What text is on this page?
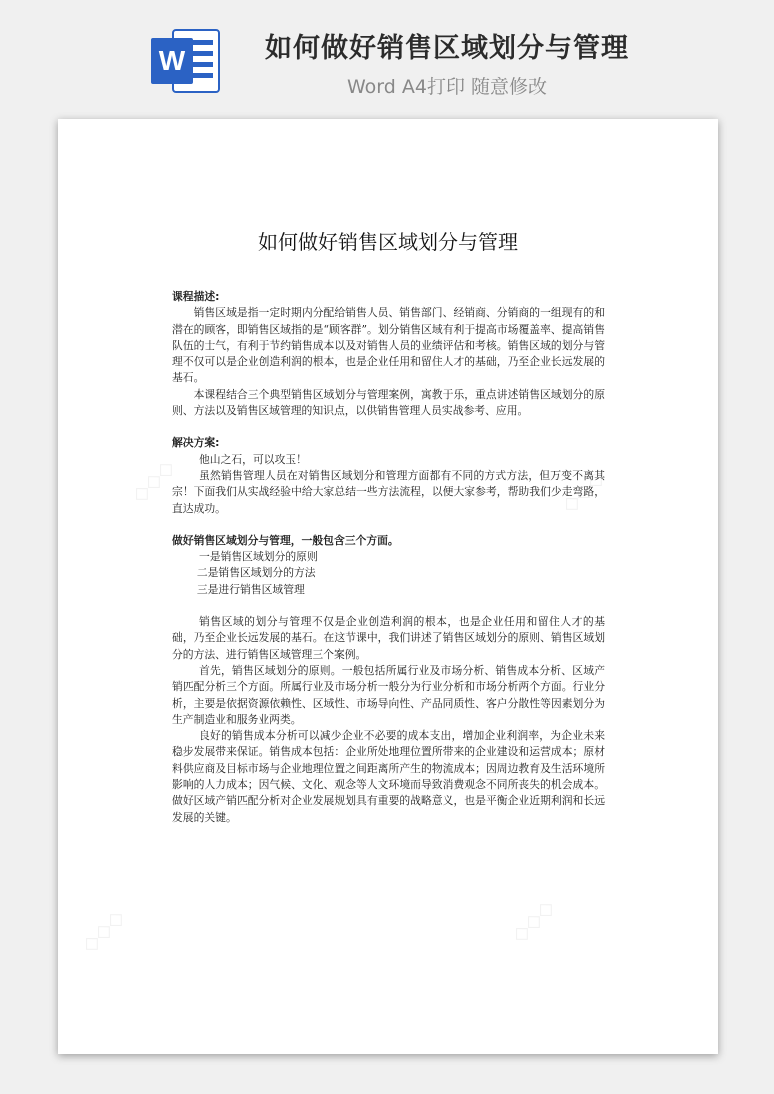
W	如何做好销售区域划分与管理
Word A4打印 随意修改
◇◇◇	◇◇◇
◇◇◇	◇◇◇
如何做好销售区域划分与管理
课程描述:

销售区域是指一定时期内分配给销售人员、销售部门、经销商、分销商的一组现有的和潜在的顾客，即销售区域指的是“顾客群”。划分销售区域有利于提高市场覆盖率、提高销售队伍的士气，有利于节约销售成本以及对销售人员的业绩评估和考核。销售区域的划分与管理不仅可以是企业创造利润的根本，也是企业任用和留住人才的基础，乃至企业长远发展的基石。

本课程结合三个典型销售区域划分与管理案例，寓教于乐，重点讲述销售区域划分的原则、方法以及销售区域管理的知识点，以供销售管理人员实战参考、应用。

解决方案:

他山之石，可以攻玉！

虽然销售管理人员在对销售区域划分和管理方面都有不同的方式方法，但万变不离其宗！下面我们从实战经验中给大家总结一些方法流程，以便大家参考，帮助我们少走弯路，直达成功。

做好销售区域划分与管理，一般包含三个方面。

一是销售区域划分的原则

二是销售区域划分的方法

三是进行销售区域管理

销售区域的划分与管理不仅是企业创造利润的根本，也是企业任用和留住人才的基础，乃至企业长远发展的基石。在这节课中，我们讲述了销售区域划分的原则、销售区域划分的方法、进行销售区域管理三个案例。

首先，销售区域划分的原则。一般包括所属行业及市场分析、销售成本分析、区域产销匹配分析三个方面。所属行业及市场分析一般分为行业分析和市场分析两个方面。行业分析，主要是依据资源依赖性、区域性、市场导向性、产品同质性、客户分散性等因素划分为生产制造业和服务业两类。

良好的销售成本分析可以减少企业不必要的成本支出，增加企业利润率，为企业未来稳步发展带来保证。销售成本包括：企业所处地理位置所带来的企业建设和运营成本；原材料供应商及目标市场与企业地理位置之间距离所产生的物流成本；因周边教育及生活环境所影响的人力成本；因气候、文化、观念等人文环境而导致消费观念不同所丧失的机会成本。做好区域产销匹配分析对企业发展规划具有重要的战略意义，也是平衡企业近期利润和长远发展的关键。
